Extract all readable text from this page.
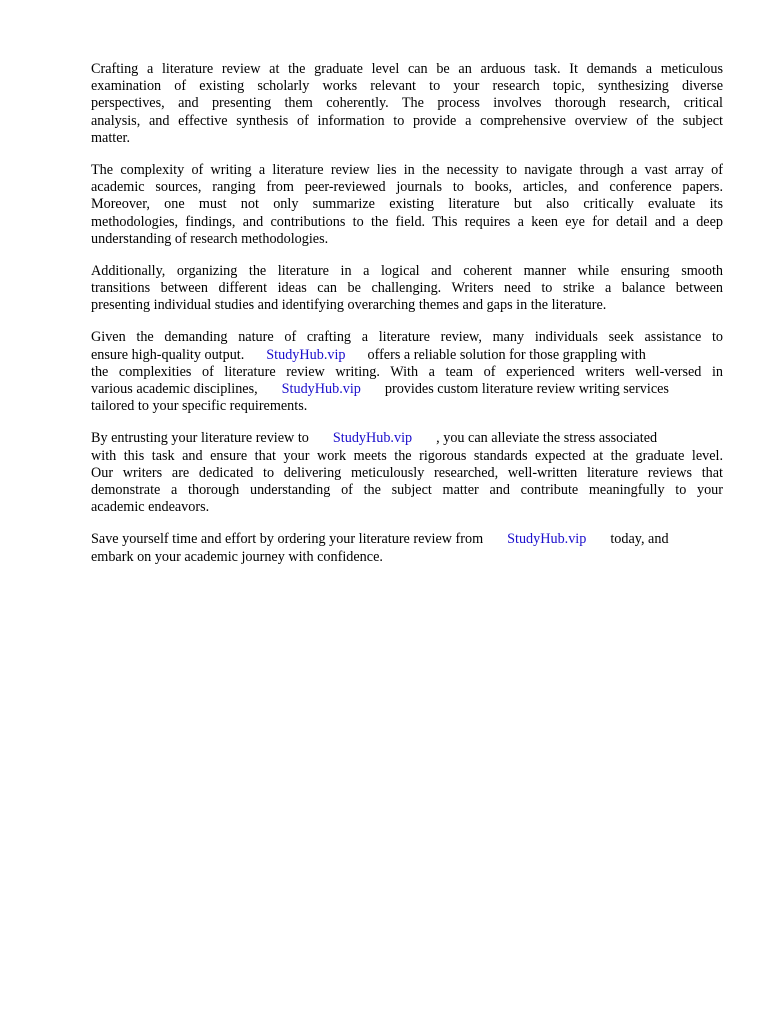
Crafting a literature review at the graduate level can be an arduous task. It demands a meticulous
examination of existing scholarly works relevant to your research topic, synthesizing diverse
perspectives, and presenting them coherently. The process involves thorough research, critical
analysis, and effective synthesis of information to provide a comprehensive overview of the subject
matter.

The complexity of writing a literature review lies in the necessity to navigate through a vast array of
academic sources, ranging from peer-reviewed journals to books, articles, and conference papers.
Moreover, one must not only summarize existing literature but also critically evaluate its
methodologies, findings, and contributions to the field. This requires a keen eye for detail and a deep
understanding of research methodologies.

Additionally, organizing the literature in a logical and coherent manner while ensuring smooth
transitions between different ideas can be challenging. Writers need to strike a balance between
presenting individual studies and identifying overarching themes and gaps in the literature.

Given the demanding nature of crafting a literature review, many individuals seek assistance to
ensure high-quality output. StudyHub.vip offers a reliable solution for those grappling with
the complexities of literature review writing. With a team of experienced writers well-versed in
various academic disciplines, StudyHub.vip provides custom literature review writing services
tailored to your specific requirements.

By entrusting your literature review to StudyHub.vip , you can alleviate the stress associated
with this task and ensure that your work meets the rigorous standards expected at the graduate level.
Our writers are dedicated to delivering meticulously researched, well-written literature reviews that
demonstrate a thorough understanding of the subject matter and contribute meaningfully to your
academic endeavors.

Save yourself time and effort by ordering your literature review from StudyHub.vip today, and
embark on your academic journey with confidence.
